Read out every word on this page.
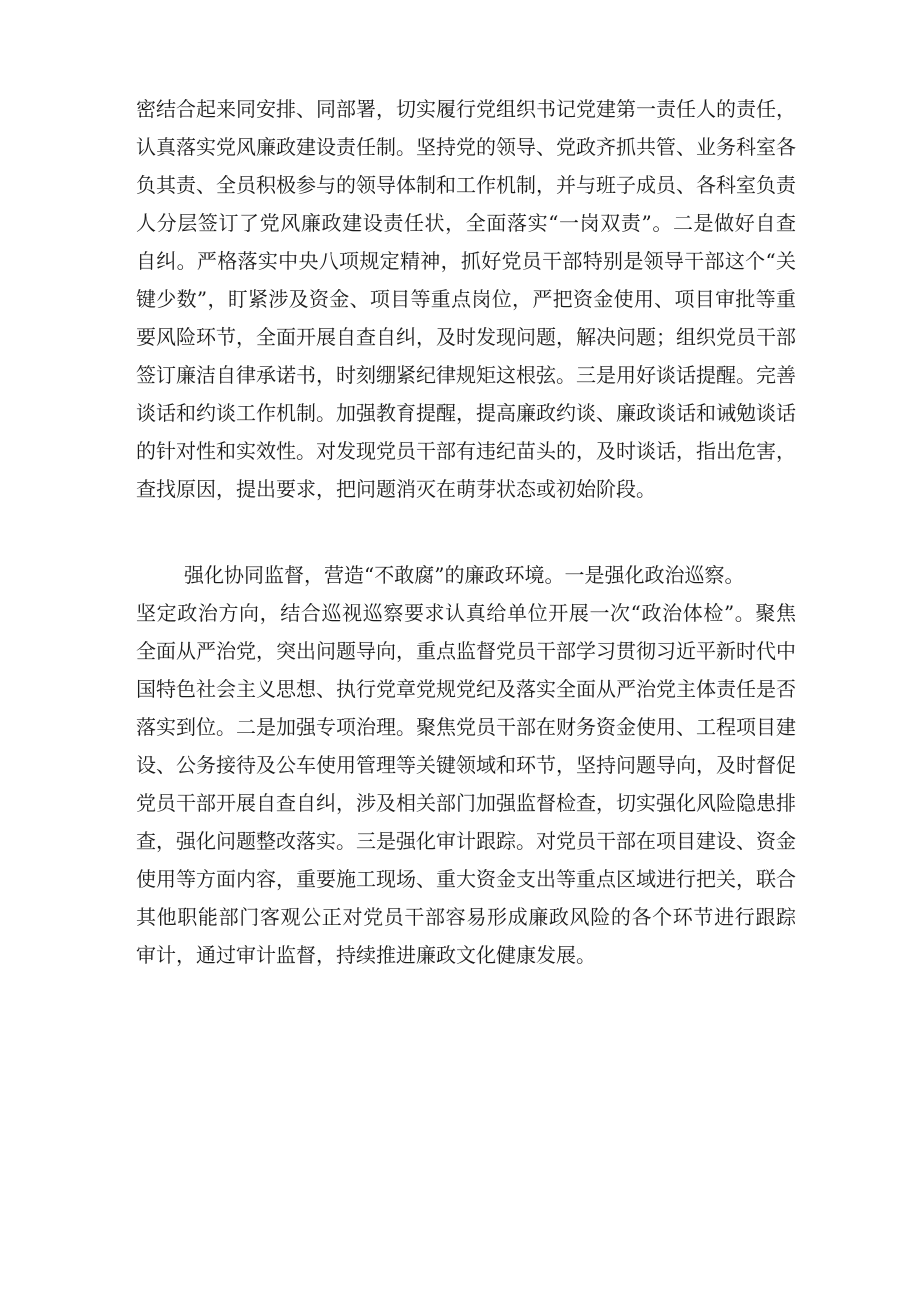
密结合起来同安排、同部署，切实履行党组织书记党建第一责任人的责任，
认真落实党风廉政建设责任制。坚持党的领导、党政齐抓共管、业务科室各
负其责、全员积极参与的领导体制和工作机制，并与班子成员、各科室负责
人分层签订了党风廉政建设责任状，全面落实“一岗双责”。二是做好自查
自纠。严格落实中央八项规定精神，抓好党员干部特别是领导干部这个“关
键少数”，盯紧涉及资金、项目等重点岗位，严把资金使用、项目审批等重
要风险环节，全面开展自查自纠，及时发现问题，解决问题；组织党员干部
签订廉洁自律承诺书，时刻绷紧纪律规矩这根弦。三是用好谈话提醒。完善
谈话和约谈工作机制。加强教育提醒，提高廉政约谈、廉政谈话和诫勉谈话
的针对性和实效性。对发现党员干部有违纪苗头的，及时谈话，指出危害，
查找原因，提出要求，把问题消灭在萌芽状态或初始阶段。
强化协同监督，营造“不敢腐”的廉政环境。一是强化政治巡察。
坚定政治方向，结合巡视巡察要求认真给单位开展一次“政治体检”。聚焦
全面从严治党，突出问题导向，重点监督党员干部学习贯彻习近平新时代中
国特色社会主义思想、执行党章党规党纪及落实全面从严治党主体责任是否
落实到位。二是加强专项治理。聚焦党员干部在财务资金使用、工程项目建
设、公务接待及公车使用管理等关键领域和环节，坚持问题导向，及时督促
党员干部开展自查自纠，涉及相关部门加强监督检查，切实强化风险隐患排
查，强化问题整改落实。三是强化审计跟踪。对党员干部在项目建设、资金
使用等方面内容，重要施工现场、重大资金支出等重点区域进行把关，联合
其他职能部门客观公正对党员干部容易形成廉政风险的各个环节进行跟踪
审计，通过审计监督，持续推进廉政文化健康发展。
